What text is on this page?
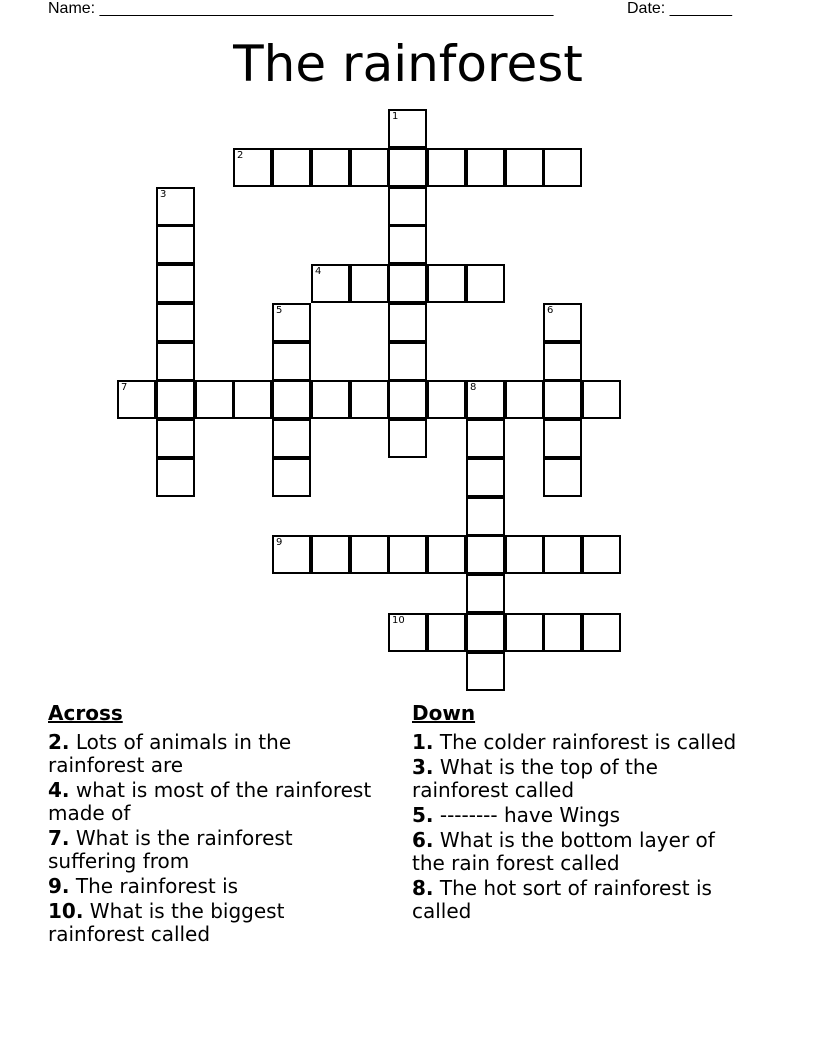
Name: ___________________________________________________	Date: _______
The rainforest
1
2
3
4
5	6
7	8
9
10
Across
2. Lots of animals in the rainforest are
4. what is most of the rainforest made of
7. What is the rainforest suffering from
9. The rainforest is
10. What is the biggest rainforest called
Down
1. The colder rainforest is called
3. What is the top of the rainforest called
5. -------- have Wings
6. What is the bottom layer of the rain forest called
8. The hot sort of rainforest is called
